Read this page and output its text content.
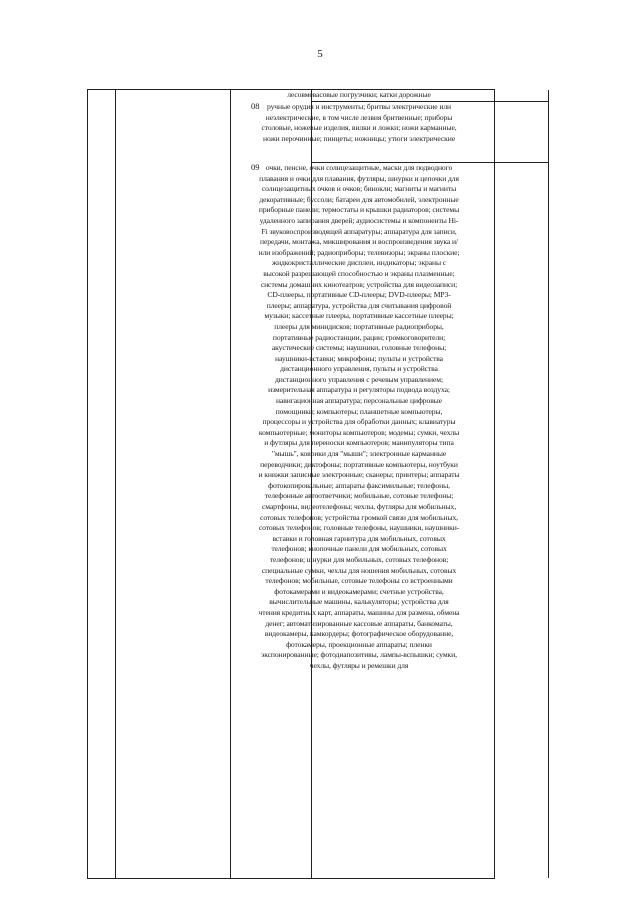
5
лесовмевасовые погрузчики; катки дорожные
08 ручные орудия и инструменты; бритвы электрические или неэлектрические, в том числе лезвия бритвенные; приборы столовые, ножевые изделия, вилки и ложки; ножи карманные, ножи перочинные; пинцеты; ножницы; утюги электрические
09 очки, пенсне, очки солнцезащитные, маски для подводного плавания и очки для плавания, футляры, шнурки и цепочки для солнцезащитных очков и очков; бинокли; магниты и магниты декоративные; буссоли; батареи для автомобилей, электронные приборные панели; термостаты и крышки радиаторов; системы удаленного запирания дверей; аудиосистемы и компоненты Hi-Fi звуковоспроизводящей аппаратуры; аппаратура для записи, передачи, монтажа, микширования и воспроизведения звука и/или изображений; радиоприборы; телевизоры; экраны плоские; жидкокристаллические дисплеи, индикаторы; экраны с высокой разрешающей способностью и экраны плазменные; системы домашних кинотеатров; устройства для видеозаписи; CD-плееры, портативные CD-плееры; DVD-плееры; MP3-плееры; аппаратура, устройства для считывания цифровой музыки; кассетные плееры, портативные кассетные плееры; плееры для минидисков; портативные радиоприборы, портативные радиостанции, рации; громкоговорители; акустические системы; наушники, головные телефоны; наушники-вставки; микрофоны; пульты и устройства дистанционного управления, пульты и устройства дистанционного управления с речевым управлением; измерительная аппаратура и регуляторы подвода воздуха; навигационная аппаратура; персональные цифровые помощники; компьютеры; планшетные компьютеры, процессоры и устройства для обработки данных; клавиатуры компьютерные; мониторы компьютеров; модемы; сумки, чехлы и футляры для переноски компьютеров; манипуляторы типа "мышь", коврики для "мыши"; электронные карманные переводчики; диктофоны; портативные компьютеры, ноутбуки и книжки записные электронные; сканеры; принтеры; аппараты фотокопировальные; аппараты факсимильные; телефоны, телефонные автоответчики; мобильные, сотовые телефоны; смартфоны, видеотелефоны; чехлы, футляры для мобильных, сотовых телефонов; устройства громкой связи для мобильных, сотовых телефонов; головные телефоны, наушники, наушники-вставки и головная гарнитура для мобильных, сотовых телефонов; кнопочные панели для мобильных, сотовых телефонов; шнурки для мобильных, сотовых телефонов; специальные сумки, чехлы для ношения мобильных, сотовых телефонов; мобильные, сотовые телефоны со встроенными фотокамерами и видеокамерами; счетные устройства, вычислительные машины, калькуляторы; устройства для чтения кредитных карт, аппараты, машины для размена, обмена денег; автоматизированные кассовые аппараты, банкоматы, видеокамеры, камкордеры; фотографическое оборудование, фотокамеры, проекционные аппараты; пленки экспонированные; фотодиапозитивы, лампы-вспышки; сумки, чехлы, футляры и ремешки для
